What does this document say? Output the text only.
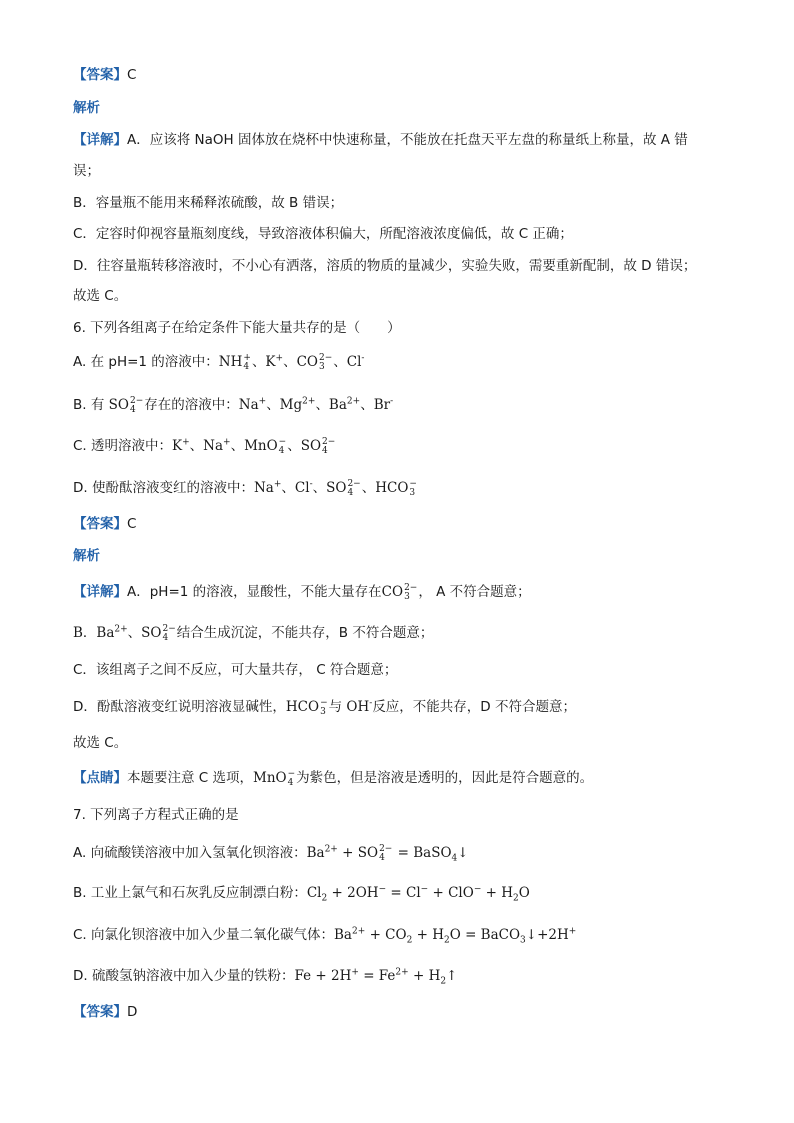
【答案】C
解析
【详解】A．应该将 NaOH 固体放在烧杯中快速称量，不能放在托盘天平左盘的称量纸上称量，故 A 错
误；
B．容量瓶不能用来稀释浓硫酸，故 B 错误；
C．定容时仰视容量瓶刻度线，导致溶液体积偏大，所配溶液浓度偏低，故 C 正确；
D．往容量瓶转移溶液时，不小心有洒落，溶质的物质的量减少，实验失败，需要重新配制，故 D 错误；
故选 C。
6. 下列各组离子在给定条件下能大量共存的是（　　）
A. 在 pH=1 的溶液中：NH +
4 、K+、CO 2−
3 、Cl-
B. 有 SO 2−
4 存在的溶液中：Na+、$Mg^{2+}$、$Ba^{2+}$、Br-
C. 透明溶液中：K+、Na+、MnO −
4 、SO 2−
4
D. 使酚酞溶液变红的溶液中：Na+、Cl-、SO 2−
4 、HCO −
3
【答案】C
解析
【详解】A．pH=1 的溶液，显酸性，不能大量存在CO 2−
3 ， A 不符合题意；
B．$Ba^{2+}$、SO 2−
4 结合生成沉淀，不能共存，B 不符合题意；
C．该组离子之间不反应，可大量共存， C 符合题意；
D．酚酞溶液变红说明溶液显碱性，HCO −
3 与 OH-反应，不能共存，D 不符合题意；
故选 C。
【点睛】本题要注意 C 选项，MnO −
4 为紫色，但是溶液是透明的，因此是符合题意的。
7. 下列离子方程式正确的是
A. 向硫酸镁溶液中加入氢氧化钡溶液：$Ba^{2+}$ + SO 2−
4 = BaSO$_4$↓
B. 工业上氯气和石灰乳反应制漂白粉：$Cl_2 + 2OH^- = Cl^- + ClO^- + H_2O$
C. 向氯化钡溶液中加入少量二氧化碳气体：$Ba^{2+} + CO_2 + H_2O$ = BaCO$_3$↓+2H+
D. 硫酸氢钠溶液中加入少量的铁粉：$Fe + 2H^+ = Fe^{2+}$ + $H_2↑$
【答案】D
